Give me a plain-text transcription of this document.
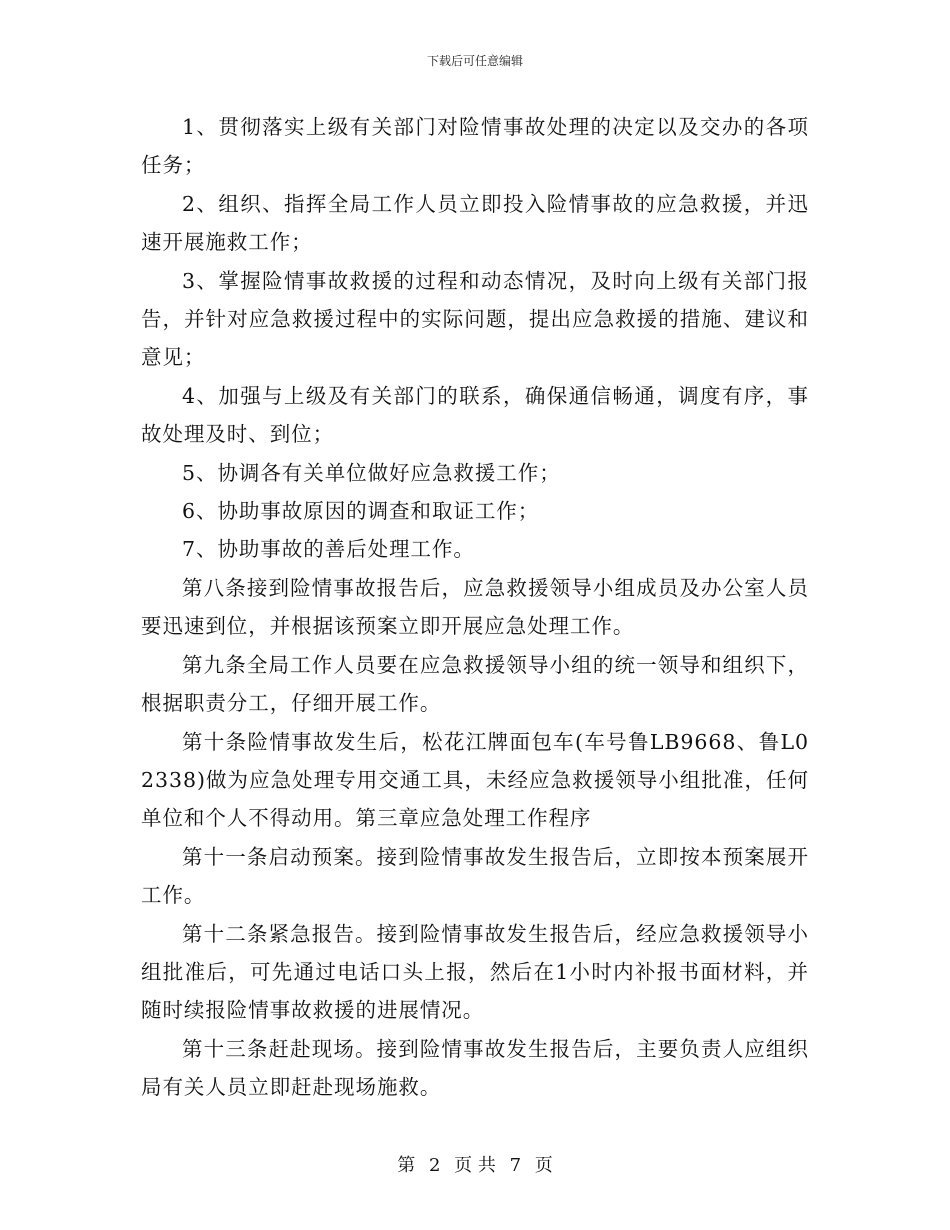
下载后可任意编辑

1、贯彻落实上级有关部门对险情事故处理的决定以及交办的各项任务；

2、组织、指挥全局工作人员立即投入险情事故的应急救援，并迅速开展施救工作；

3、掌握险情事故救援的过程和动态情况，及时向上级有关部门报告，并针对应急救援过程中的实际问题，提出应急救援的措施、建议和意见；

4、加强与上级及有关部门的联系，确保通信畅通，调度有序，事故处理及时、到位；

5、协调各有关单位做好应急救援工作；

6、协助事故原因的调查和取证工作；

7、协助事故的善后处理工作。

第八条接到险情事故报告后，应急救援领导小组成员及办公室人员要迅速到位，并根据该预案立即开展应急处理工作。

第九条全局工作人员要在应急救援领导小组的统一领导和组织下，根据职责分工，仔细开展工作。

第十条险情事故发生后，松花江牌面包车(车号鲁LB9668、鲁L02338)做为应急处理专用交通工具，未经应急救援领导小组批准，任何单位和个人不得动用。第三章应急处理工作程序

第十一条启动预案。接到险情事故发生报告后，立即按本预案展开工作。

第十二条紧急报告。接到险情事故发生报告后，经应急救援领导小组批准后，可先通过电话口头上报，然后在1小时内补报书面材料，并随时续报险情事故救援的进展情况。

第十三条赶赴现场。接到险情事故发生报告后，主要负责人应组织局有关人员立即赶赴现场施救。

第 2 页 共 7 页
